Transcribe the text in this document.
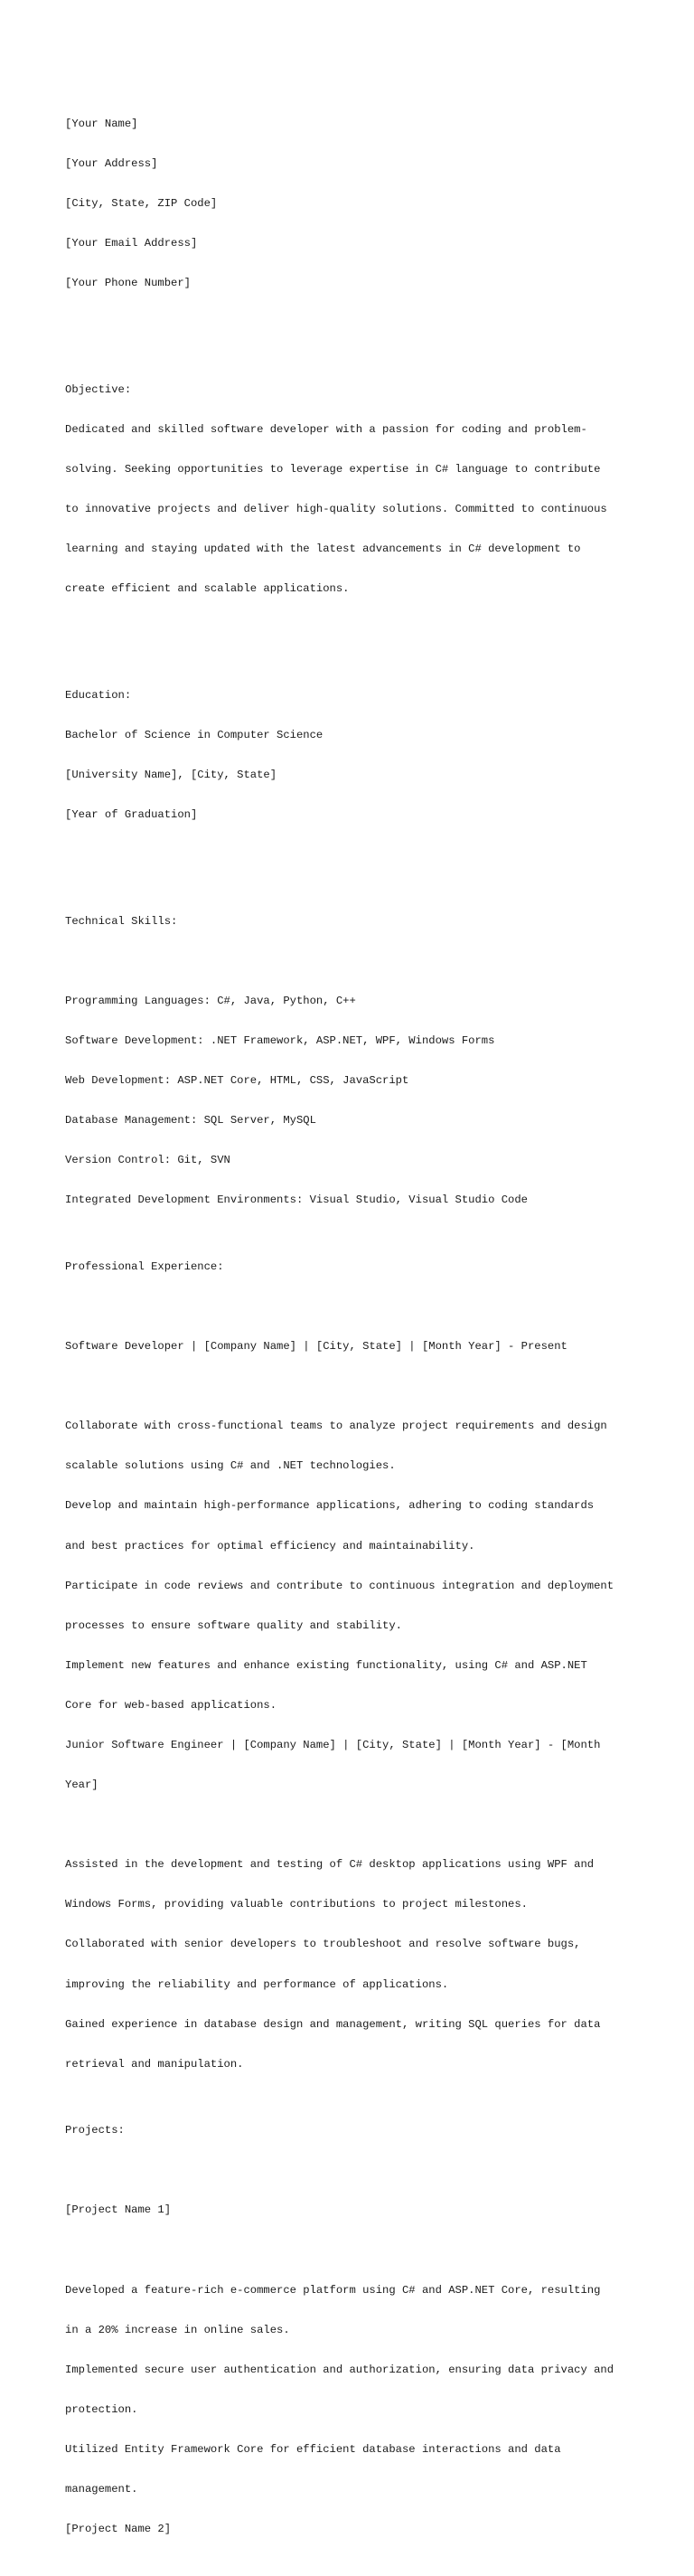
[Your Name]

[Your Address]

[City, State, ZIP Code]

[Your Email Address]

[Your Phone Number]

Objective:

Dedicated and skilled software developer with a passion for coding and problem-

solving. Seeking opportunities to leverage expertise in C# language to contribute

to innovative projects and deliver high-quality solutions. Committed to continuous

learning and staying updated with the latest advancements in C# development to

create efficient and scalable applications.

Education:

Bachelor of Science in Computer Science

[University Name], [City, State]

[Year of Graduation]

Technical Skills:

Programming Languages: C#, Java, Python, C++

Software Development: .NET Framework, ASP.NET, WPF, Windows Forms

Web Development: ASP.NET Core, HTML, CSS, JavaScript

Database Management: SQL Server, MySQL

Version Control: Git, SVN

Integrated Development Environments: Visual Studio, Visual Studio Code

Professional Experience:

Software Developer | [Company Name] | [City, State] | [Month Year] - Present

Collaborate with cross-functional teams to analyze project requirements and design

scalable solutions using C# and .NET technologies.

Develop and maintain high-performance applications, adhering to coding standards

and best practices for optimal efficiency and maintainability.

Participate in code reviews and contribute to continuous integration and deployment

processes to ensure software quality and stability.

Implement new features and enhance existing functionality, using C# and ASP.NET

Core for web-based applications.

Junior Software Engineer | [Company Name] | [City, State] | [Month Year] - [Month

Year]

Assisted in the development and testing of C# desktop applications using WPF and

Windows Forms, providing valuable contributions to project milestones.

Collaborated with senior developers to troubleshoot and resolve software bugs,

improving the reliability and performance of applications.

Gained experience in database design and management, writing SQL queries for data

retrieval and manipulation.

Projects:

[Project Name 1]

Developed a feature-rich e-commerce platform using C# and ASP.NET Core, resulting

in a 20% increase in online sales.

Implemented secure user authentication and authorization, ensuring data privacy and

protection.

Utilized Entity Framework Core for efficient database interactions and data

management.

[Project Name 2]
